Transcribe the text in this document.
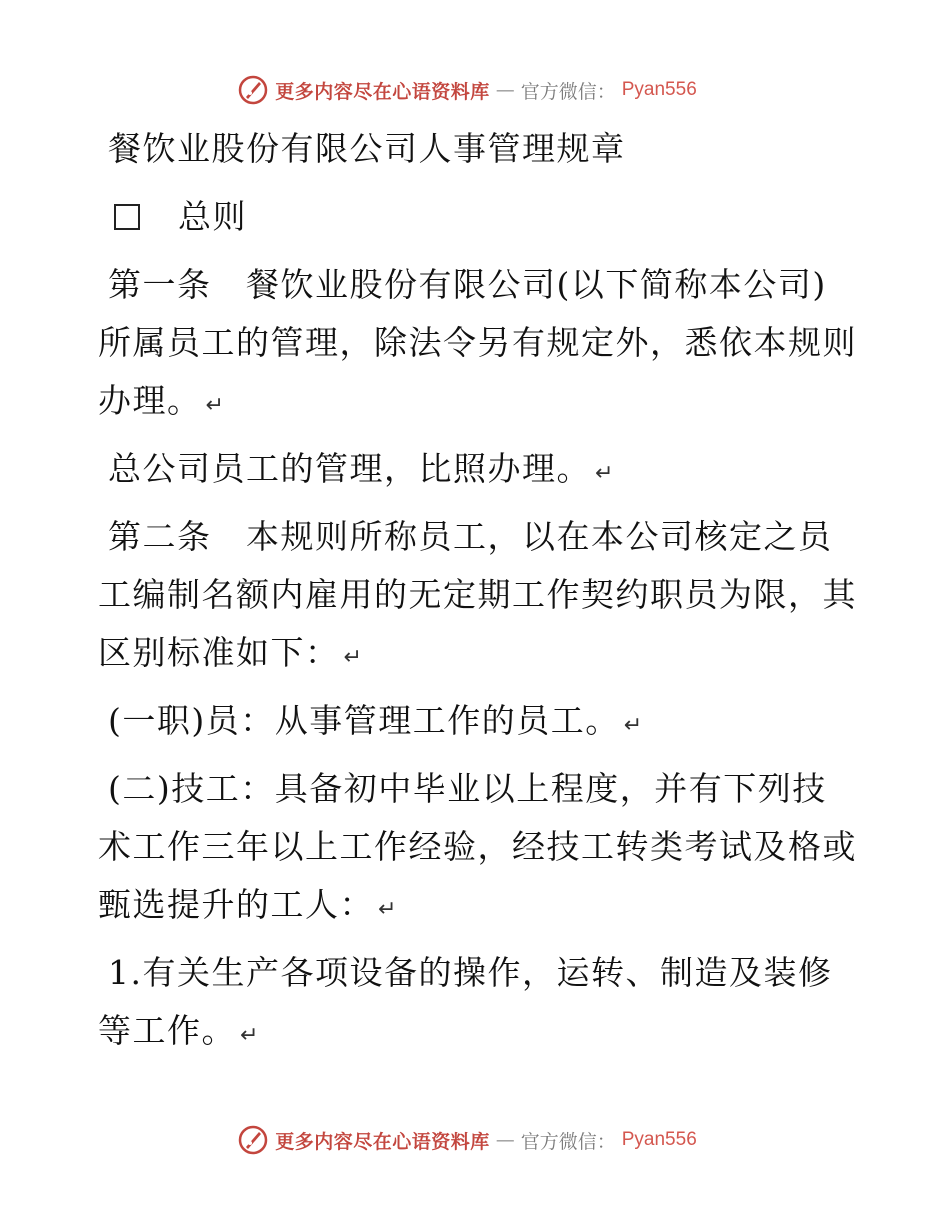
更多内容尽在心语资料库 — 官方微信： Pyan556
餐饮业股份有限公司人事管理规章
总则
第一条　餐饮业股份有限公司(以下简称本公司)
所属员工的管理，除法令另有规定外，悉依本规则
办理。 ↵
总公司员工的管理，比照办理。 ↵
第二条　本规则所称员工，以在本公司核定之员
工编制名额内雇用的无定期工作契约职员为限，其
区别标准如下： ↵
(一职)员：从事管理工作的员工。 ↵
(二)技工：具备初中毕业以上程度，并有下列技
术工作三年以上工作经验，经技工转类考试及格或
甄选提升的工人： ↵
1.有关生产各项设备的操作，运转、制造及装修
等工作。 ↵
更多内容尽在心语资料库 — 官方微信： Pyan556
